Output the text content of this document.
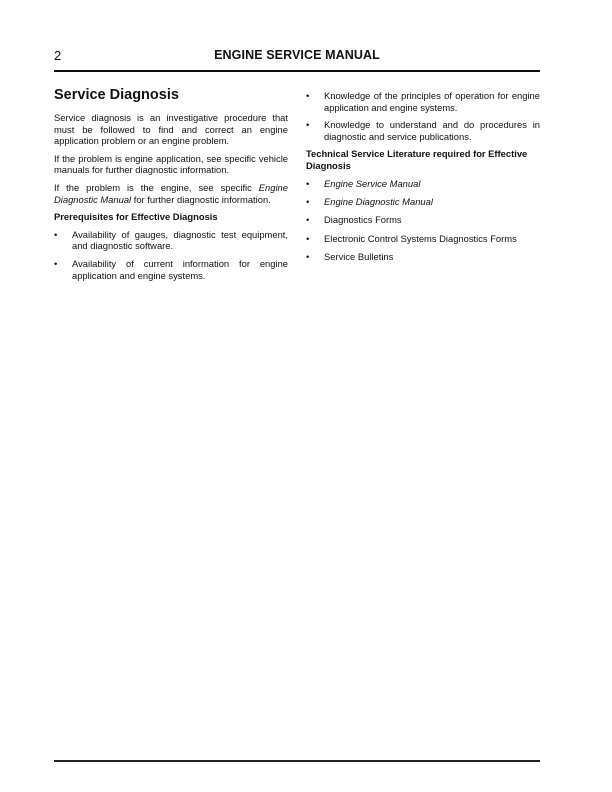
2	ENGINE SERVICE MANUAL
Service Diagnosis

Service diagnosis is an investigative procedure that must be followed to find and correct an engine application problem or an engine problem.

If the problem is engine application, see specific vehicle manuals for further diagnostic information.

If the problem is the engine, see specific Engine Diagnostic Manual for further diagnostic information.

Prerequisites for Effective Diagnosis
• Availability of gauges, diagnostic test equipment, and diagnostic software.
• Availability of current information for engine application and engine systems.
• Knowledge of the principles of operation for engine application and engine systems.
• Knowledge to understand and do procedures in diagnostic and service publications.
Technical Service Literature required for Effective Diagnosis
• Engine Service Manual
• Engine Diagnostic Manual
• Diagnostics Forms
• Electronic Control Systems Diagnostics Forms
• Service Bulletins
